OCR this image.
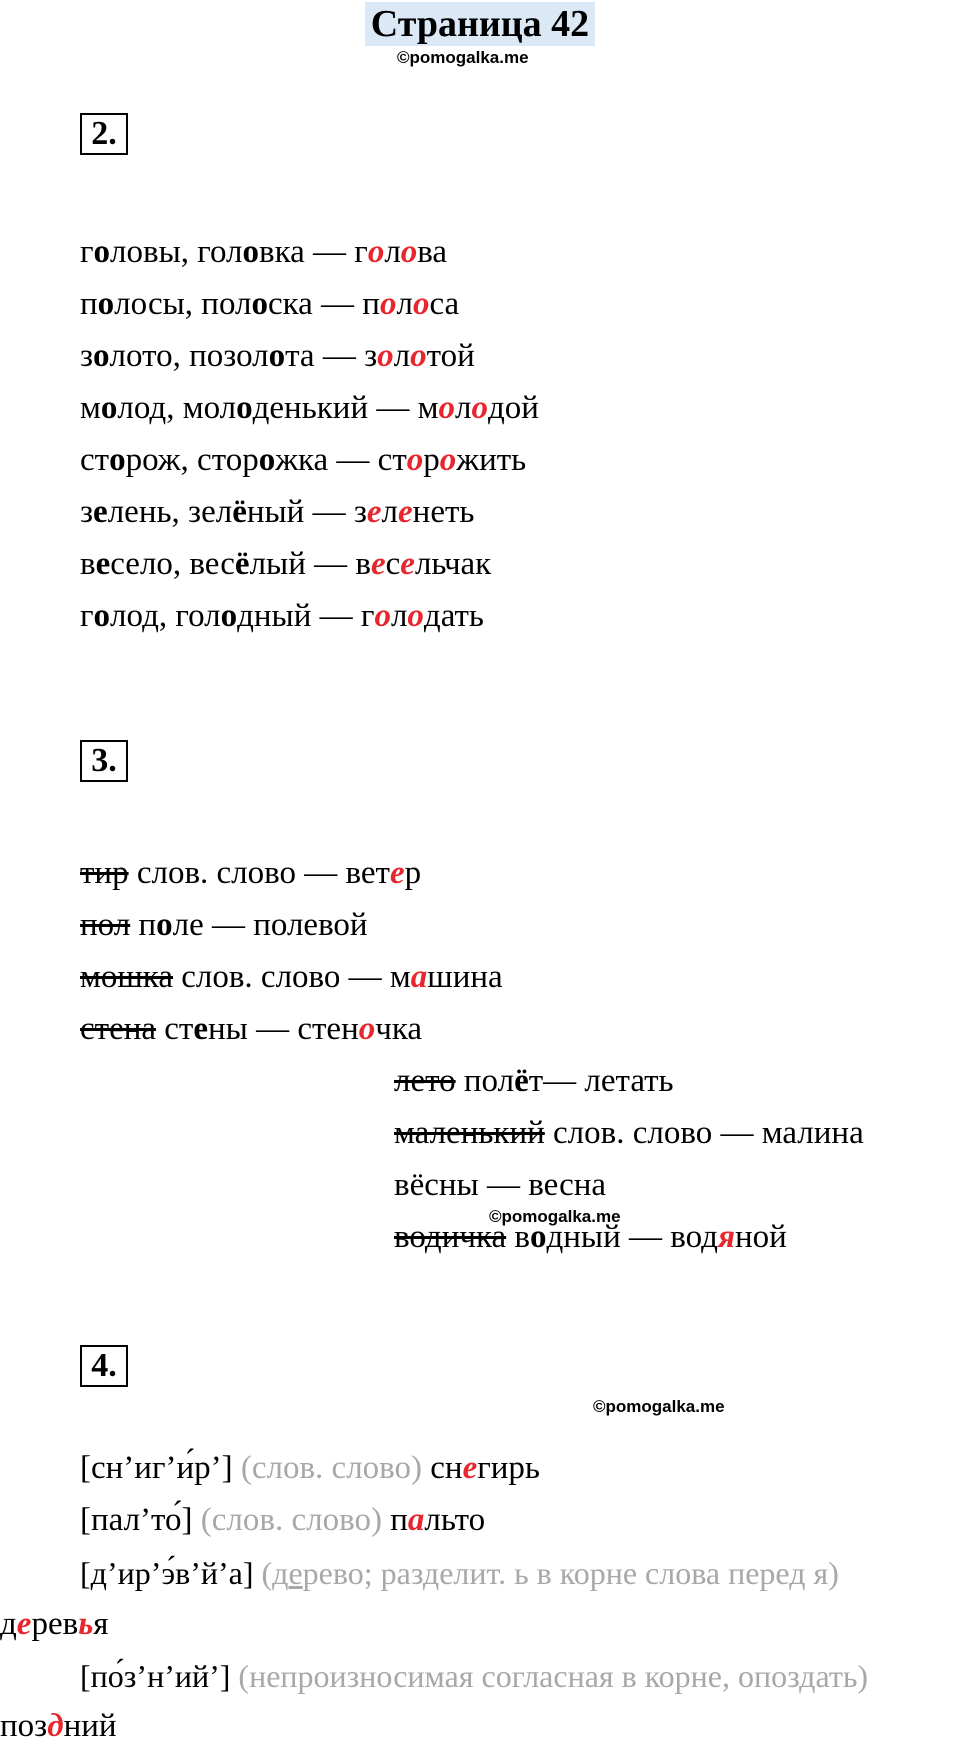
Страница 42
©pomogalka.me
2.
головы, головка — голова
полосы, полоска — полоса
золото, позолота — золотой
молод, молоденький — молодой
сторож, сторожка — сторожить
зелень, зелёный — зеленеть
весело, весёлый — весельчак
голод, голодный — голодать
3.
тир слов. слово — ветер
пол поле — полевой
мошка слов. слово — машина
стена стены — стеночка
лето полёт— летать
маленький слов. слово — малина
вёсны — весна
водичка водный — водяной
©pomogalka.me
4.
©pomogalka.me
[сн’иг’и́р’] (слов. слово) снегирь
[пал’то́] (слов. слово) пальто
[д’ир’э́в’й’а] (дерево; разделит. ь в корне слова перед я)
деревья
[по́з’н’ий’] (непроизносимая согласная в корне, опоздать)
поздний
